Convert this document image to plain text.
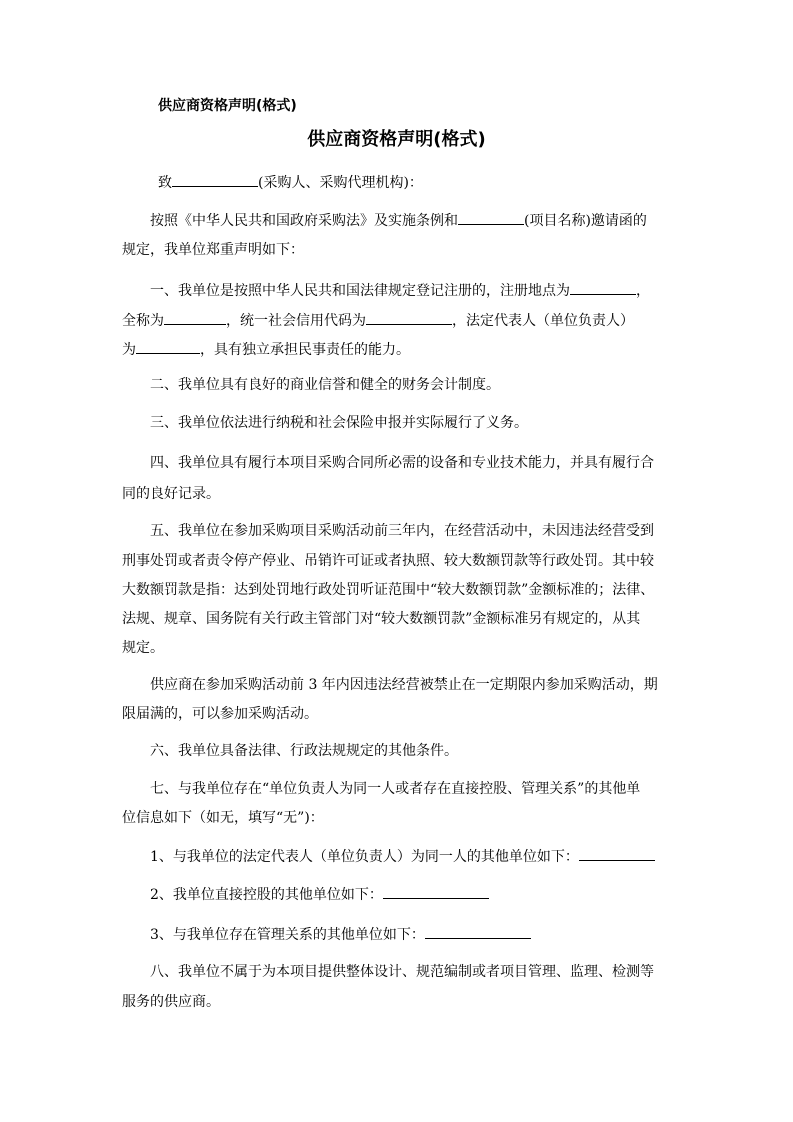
供应商资格声明(格式)
供应商资格声明(格式)
致	(采购人、采购代理机构)：
按照《中华人民共和国政府采购法》及实施条例和	(项目名称)邀请函的
规定，我单位郑重声明如下：
一、我单位是按照中华人民共和国法律规定登记注册的，注册地点为	，
全称为	，统一社会信用代码为	，法定代表人（单位负责人）
为	，具有独立承担民事责任的能力。
二、我单位具有良好的商业信誉和健全的财务会计制度。
三、我单位依法进行纳税和社会保险申报并实际履行了义务。
四、我单位具有履行本项目采购合同所必需的设备和专业技术能力，并具有履行合
同的良好记录。
五、我单位在参加采购项目采购活动前三年内，在经营活动中，未因违法经营受到
刑事处罚或者责令停产停业、吊销许可证或者执照、较大数额罚款等行政处罚。其中较
大数额罚款是指：达到处罚地行政处罚听证范围中“较大数额罚款”金额标准的；法律、
法规、规章、国务院有关行政主管部门对“较大数额罚款”金额标准另有规定的，从其
规定。
供应商在参加采购活动前 3 年内因违法经营被禁止在一定期限内参加采购活动，期
限届满的，可以参加采购活动。
六、我单位具备法律、行政法规规定的其他条件。
七、与我单位存在“单位负责人为同一人或者存在直接控股、管理关系”的其他单
位信息如下（如无，填写“无”)：
1、与我单位的法定代表人（单位负责人）为同一人的其他单位如下：
2、我单位直接控股的其他单位如下：
3、与我单位存在管理关系的其他单位如下：
八、我单位不属于为本项目提供整体设计、规范编制或者项目管理、监理、检测等
服务的供应商。
